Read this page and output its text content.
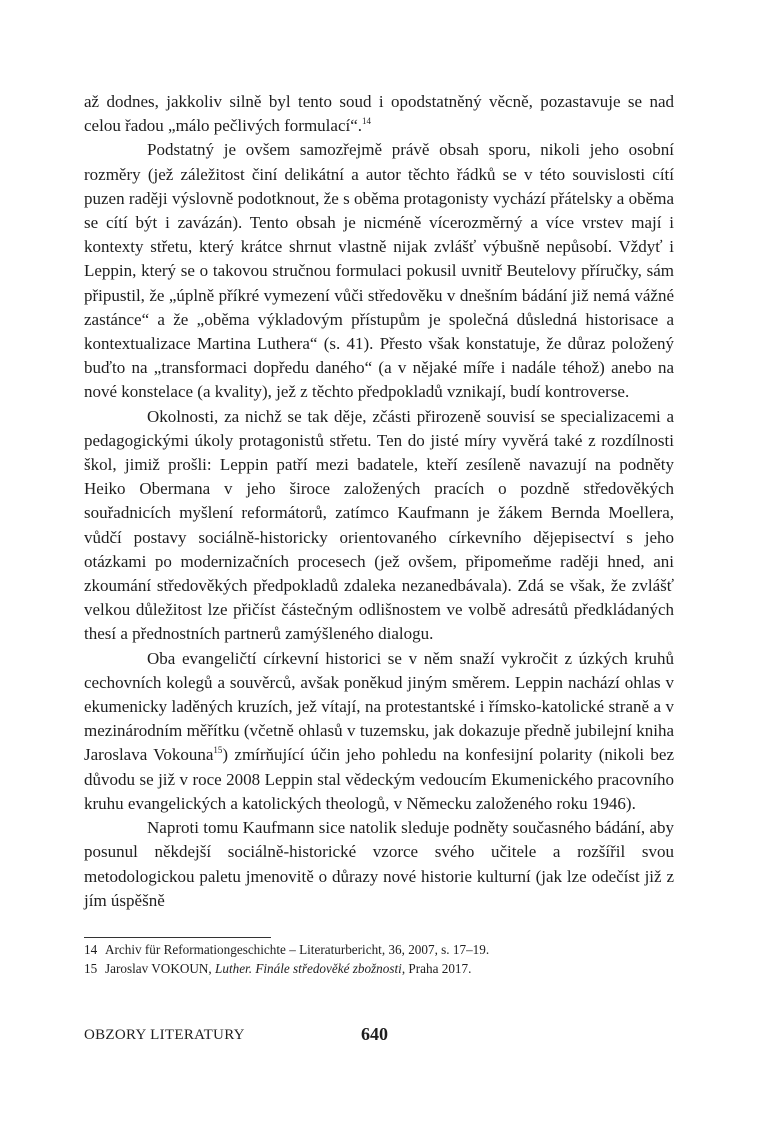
až dodnes, jakkoliv silně byl tento soud i opodstatněný věcně, pozastavuje se nad celou řadou „málo pečlivých formulací“.$^{14}$

Podstatný je ovšem samozřejmě právě obsah sporu, nikoli jeho osobní rozměry (jež záležitost činí delikátní a autor těchto řádků se v této souvislosti cítí puzen raději výslovně podotknout, že s oběma protagonisty vychází přátelsky a oběma se cítí být i zavázán). Tento obsah je nicméně vícerozměrný a více vrstev mají i kontexty střetu, který krátce shrnut vlastně nijak zvlášť výbušně nepůsobí. Vždyť i Leppin, který se o takovou stručnou formulaci pokusil uvnitř Beutelovy příručky, sám připustil, že „úplně příkré vymezení vůči středověku v dnešním bádání již nemá vážné zastánce“ a že „oběma výkladovým přístupům je společná důsledná historisace a kontextualizace Martina Luthera“ (s. 41). Přesto však konstatuje, že důraz položený buďto na „transformaci dopředu daného“ (a v nějaké míře i nadále téhož) anebo na nové konstelace (a kvality), jež z těchto předpokladů vznikají, budí kontroverse.

Okolnosti, za nichž se tak děje, zčásti přirozeně souvisí se specializacemi a pedagogickými úkoly protagonistů střetu. Ten do jisté míry vyvěrá také z rozdílnosti škol, jimiž prošli: Leppin patří mezi badatele, kteří zesíleně navazují na podněty Heiko Obermana v jeho široce založených pracích o pozdně středověkých souřadnicích myšlení reformátorů, zatímco Kaufmann je žákem Bernda Moellera, vůdčí postavy sociálně-historicky orientovaného církevního dějepisectví s jeho otázkami po modernizačních procesech (jež ovšem, připomeňme raději hned, ani zkoumání středověkých předpokladů zdaleka nezanedbávala). Zdá se však, že zvlášť velkou důležitost lze přičíst částečným odlišnostem ve volbě adresátů předkládaných thesí a přednostních partnerů zamýšleného dialogu.

Oba evangeličtí církevní historici se v něm snaží vykročit z úzkých kruhů cechovních kolegů a souvěrců, avšak poněkud jiným směrem. Leppin nachází ohlas v ekumenicky laděných kruzích, jež vítají, na protestantské i římsko-katolické straně a v mezinárodním měřítku (včetně ohlasů v tuzemsku, jak dokazuje předně jubilejní kniha Jaroslava Vokouna$^{15}$) zmírňující účin jeho pohledu na konfesijní polarity (nikoli bez důvodu se již v roce 2008 Leppin stal vědeckým vedoucím Ekumenického pracovního kruhu evangelických a katolických theologů, v Německu založeného roku 1946).

Naproti tomu Kaufmann sice natolik sleduje podněty současného bádání, aby posunul někdejší sociálně-historické vzorce svého učitele a rozšířil svou metodologickou paletu jmenovitě o důrazy nové historie kulturní (jak lze odečíst již z jím úspěšně

14 Archiv für Reformationgeschichte – Literaturbericht, 36, 2007, s. 17–19.
15 Jaroslav VOKOUN, Luther. Finále středověké zbožnosti, Praha 2017.
OBZORY LITERATURY	640
